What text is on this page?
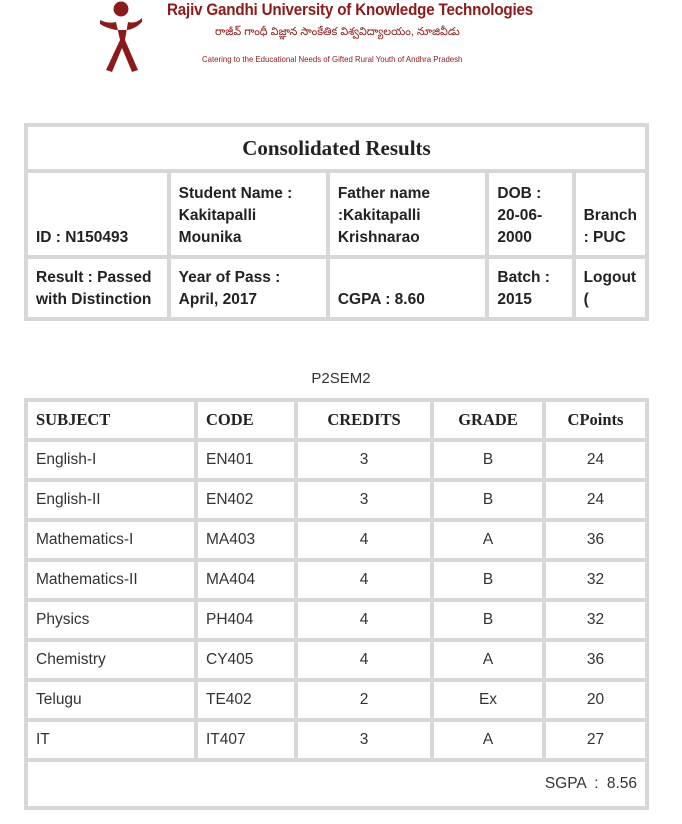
Rajiv Gandhi University of Knowledge Technologies
రాజీవ్ గాంధీ విజ్ఞాన సాంకేతిక విశ్వవిద్యాలయం, నూజివీడు
Catering to the Educational Needs of Gifted Rural Youth of Andhra Pradesh
Consolidated Results				
ID : N150493	Student Name : Kakitapalli Mounika	Father name :Kakitapalli Krishnarao	DOB : 20-06-2000	Branch : PUC
Result : Passed with Distinction	Year of Pass : April, 2017	CGPA : 8.60	Batch : 2015	Logout (
P2SEM2
SUBJECT	CODE	CREDITS	GRADE	CPoints
English-I	EN401	3	B	24
English-II	EN402	3	B	24
Mathematics-I	MA403	4	A	36
Mathematics-II	MA404	4	B	32
Physics	PH404	4	B	32
Chemistry	CY405	4	A	36
Telugu	TE402	2	Ex	20
IT	IT407	3	A	27
SGPA : 8.56				
